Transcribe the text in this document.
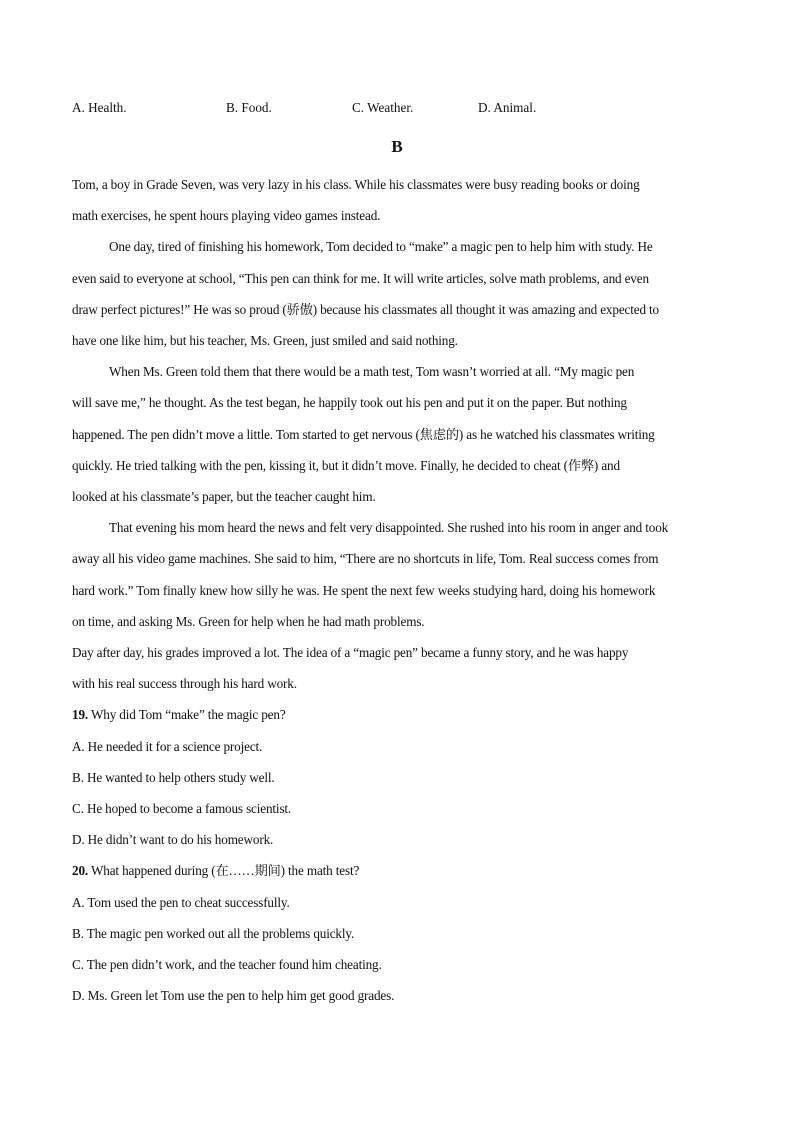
A. Health.	B. Food.	C. Weather.	D. Animal.
B
Tom, a boy in Grade Seven, was very lazy in his class. While his classmates were busy reading books or doing
math exercises, he spent hours playing video games instead.
One day, tired of finishing his homework, Tom decided to “make” a magic pen to help him with study. He
even said to everyone at school, “This pen can think for me. It will write articles, solve math problems, and even
draw perfect pictures!” He was so proud (骄傲) because his classmates all thought it was amazing and expected to
have one like him, but his teacher, Ms. Green, just smiled and said nothing.
When Ms. Green told them that there would be a math test, Tom wasn’t worried at all. “My magic pen
will save me,” he thought. As the test began, he happily took out his pen and put it on the paper. But nothing
happened. The pen didn’t move a little. Tom started to get nervous (焦虑的) as he watched his classmates writing
quickly. He tried talking with the pen, kissing it, but it didn’t move. Finally, he decided to cheat (作弊) and
looked at his classmate’s paper, but the teacher caught him.
That evening his mom heard the news and felt very disappointed. She rushed into his room in anger and took
away all his video game machines. She said to him, “There are no shortcuts in life, Tom. Real success comes from
hard work.” Tom finally knew how silly he was. He spent the next few weeks studying hard, doing his homework
on time, and asking Ms. Green for help when he had math problems.
Day after day, his grades improved a lot. The idea of a “magic pen” became a funny story, and he was happy
with his real success through his hard work.
19. Why did Tom “make” the magic pen?
A. He needed it for a science project.
B. He wanted to help others study well.
C. He hoped to become a famous scientist.
D. He didn’t want to do his homework.
20. What happened during (在……期间) the math test?
A. Tom used the pen to cheat successfully.
B. The magic pen worked out all the problems quickly.
C. The pen didn’t work, and the teacher found him cheating.
D. Ms. Green let Tom use the pen to help him get good grades.
